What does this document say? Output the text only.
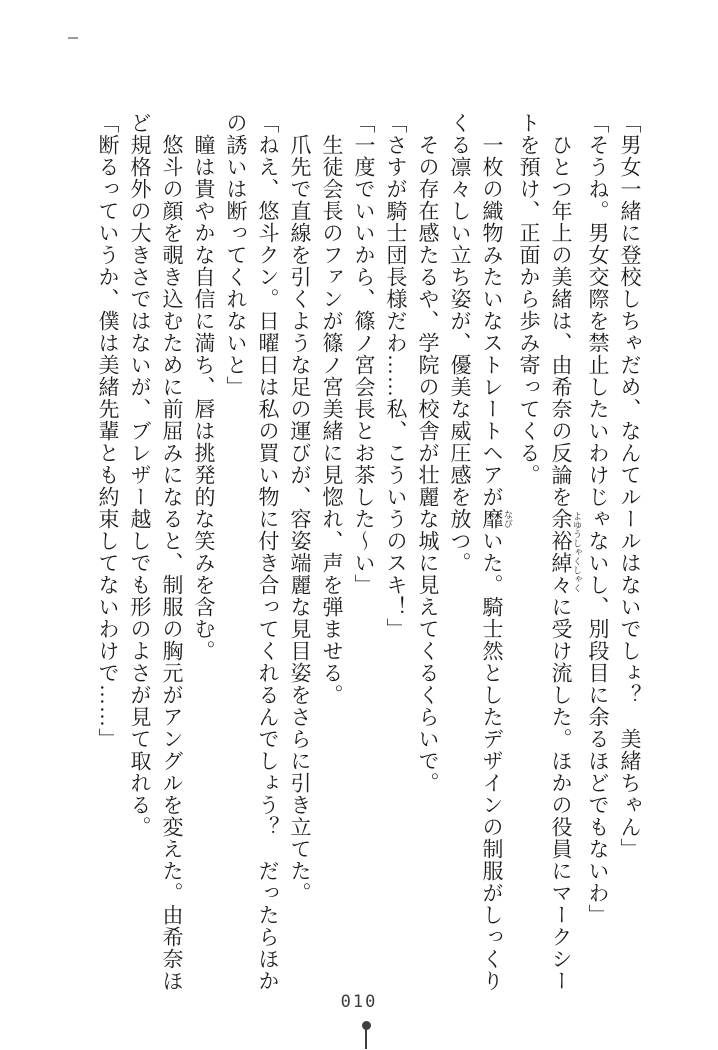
「男女一緒に登校しちゃだめ、なんてルールはないでしょ？　美緒ちゃん」
「そうね。男女交際を禁止したいわけじゃないし、別段目に余るほどでもないわ」
　ひとつ年上の美緒は、由希奈の反論を余裕綽々 よゆうしゃくしゃくに受け流した。ほかの役員にマークシー
トを預け、正面から歩み寄ってくる。
　一枚の織物みたいなストレートヘアが靡 なびいた。騎士然としたデザインの制服がしっくり
くる凛々しい立ち姿が、優美な威圧感を放つ。
　その存在感たるや、学院の校舎が壮麗な城に見えてくるくらいで。
「さすが騎士団長様だわ……私、こういうのスキ！」
「一度でいいから、篠ノ宮会長とお茶した～い」
　生徒会長のファンが篠ノ宮美緒に見惚れ、声を弾ませる。
　爪先で直線を引くような足の運びが、容姿端麗な見目姿をさらに引き立てた。
「ねえ、悠斗クン。日曜日は私の買い物に付き合ってくれるんでしょう？　だったらほか
の誘いは断ってくれないと」
　瞳は貴やかな自信に満ち、唇は挑発的な笑みを含む。
　悠斗の顔を覗き込むために前屈みになると、制服の胸元がアングルを変えた。由希奈ほ
ど規格外の大きさではないが、ブレザー越しでも形のよさが見て取れる。
「断るっていうか、僕は美緒先輩とも約束してないわけで……」
010
